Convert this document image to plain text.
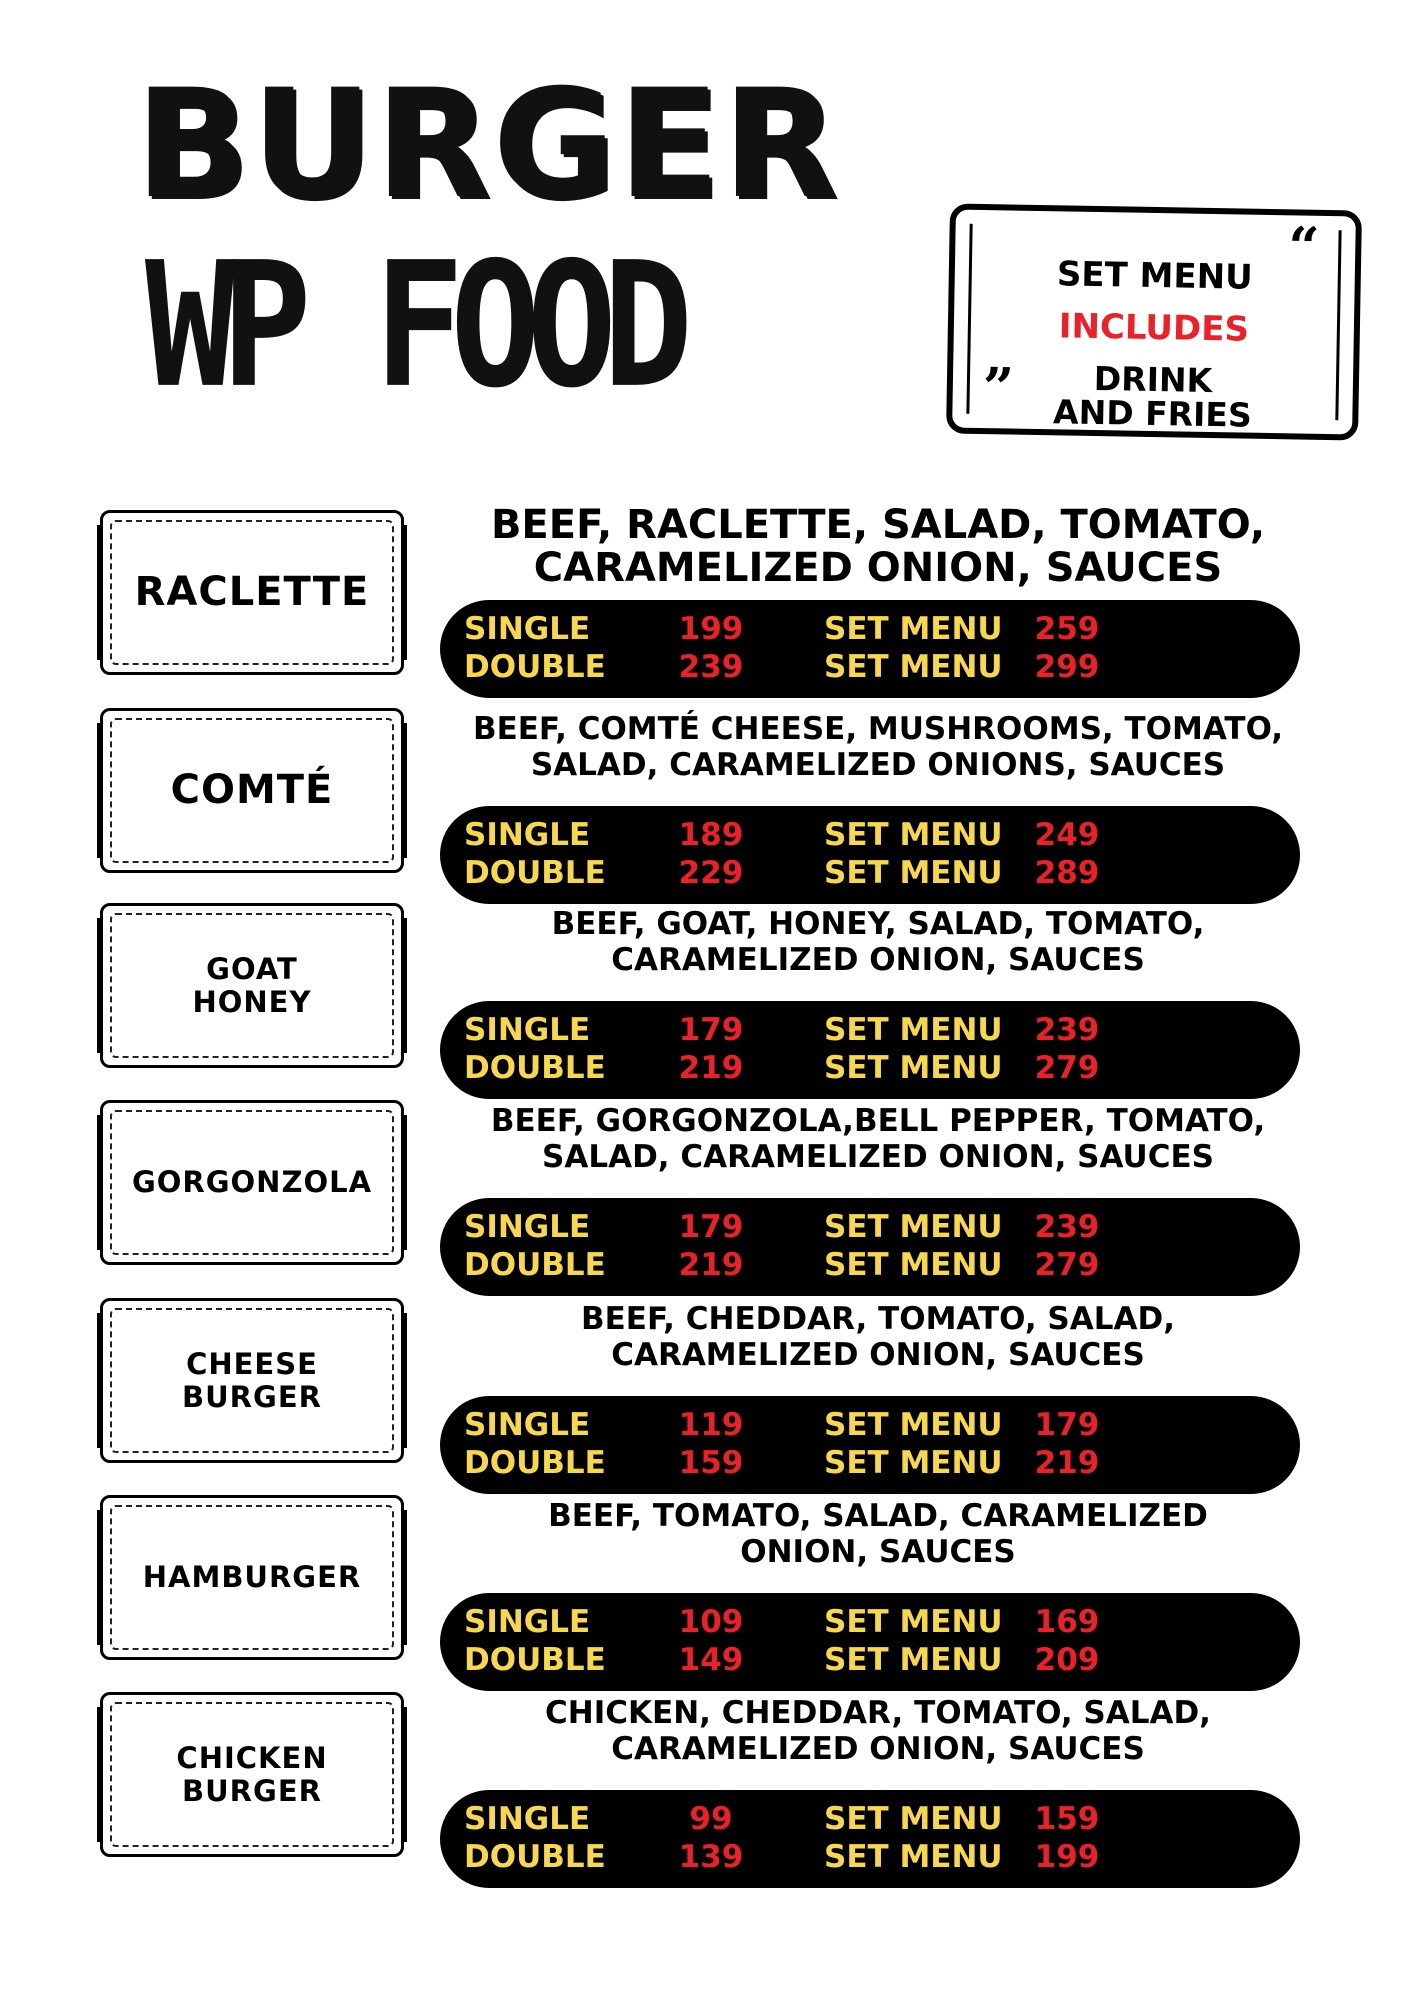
BURGER
WP FOOD	“
”
SET MENU
INCLUDES
DRINK
AND FRIES
RACLETTE
BEEF, RACLETTE, SALAD, TOMATO,
CARAMELIZED ONION, SAUCES
SINGLE	199	SET MENU	259
DOUBLE	239	SET MENU	299
COMTÉ
BEEF, COMTÉ CHEESE, MUSHROOMS, TOMATO,
SALAD, CARAMELIZED ONIONS, SAUCES
SINGLE	189	SET MENU	249
DOUBLE	229	SET MENU	289
GOAT
HONEY
BEEF, GOAT, HONEY, SALAD, TOMATO,
CARAMELIZED ONION, SAUCES
SINGLE	179	SET MENU	239
DOUBLE	219	SET MENU	279
GORGONZOLA
BEEF, GORGONZOLA,BELL PEPPER, TOMATO,
SALAD, CARAMELIZED ONION, SAUCES
SINGLE	179	SET MENU	239
DOUBLE	219	SET MENU	279
CHEESE
BURGER
BEEF, CHEDDAR, TOMATO, SALAD,
CARAMELIZED ONION, SAUCES
SINGLE	119	SET MENU	179
DOUBLE	159	SET MENU	219
HAMBURGER
BEEF, TOMATO, SALAD, CARAMELIZED
ONION, SAUCES
SINGLE	109	SET MENU	169
DOUBLE	149	SET MENU	209
CHICKEN
BURGER
CHICKEN, CHEDDAR, TOMATO, SALAD,
CARAMELIZED ONION, SAUCES
SINGLE	99	SET MENU	159
DOUBLE	139	SET MENU	199
